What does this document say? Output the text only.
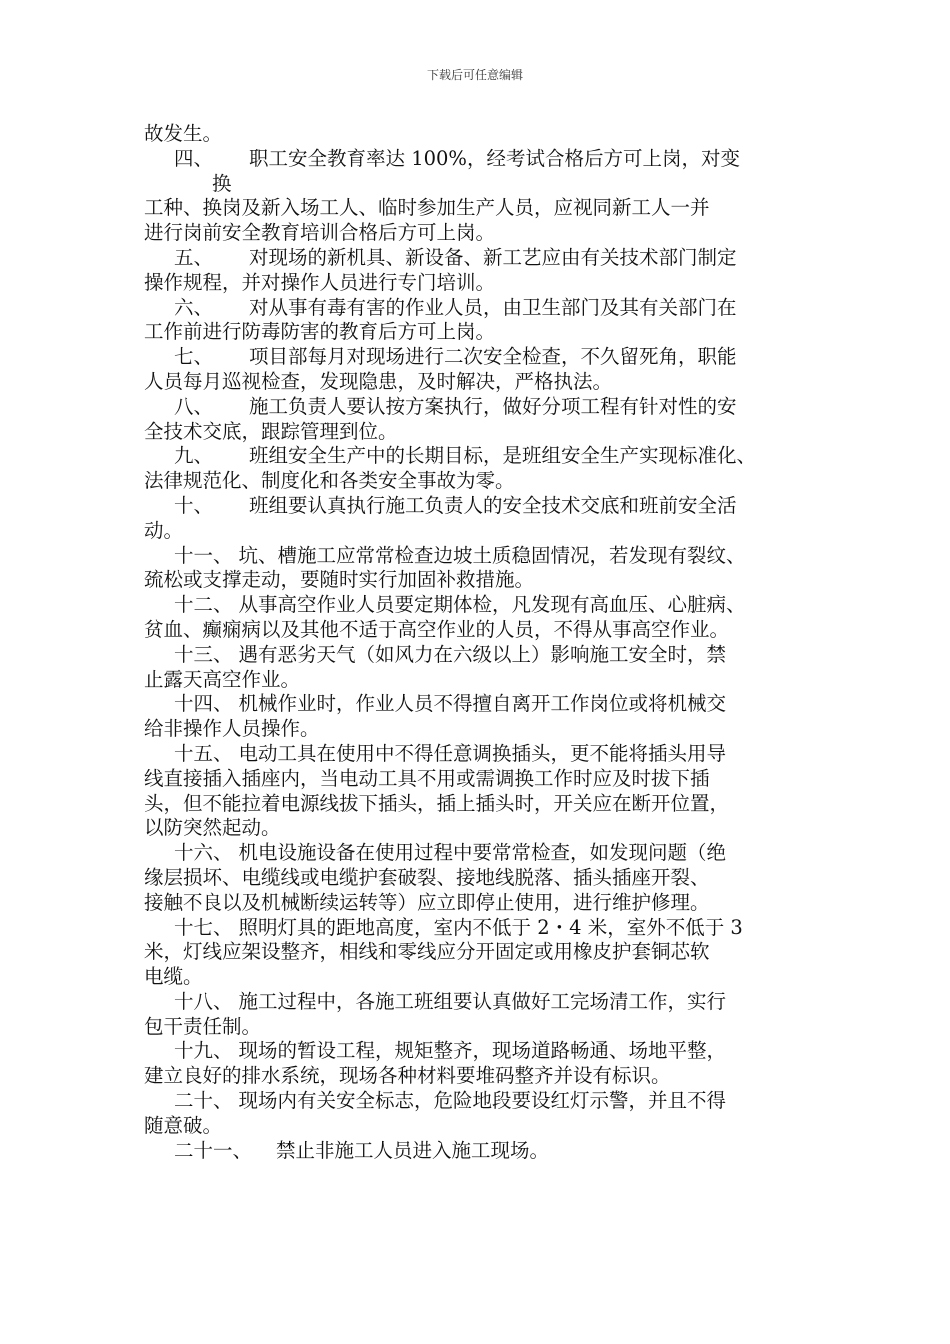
下载后可任意编辑
故发生。
四、 职工安全教育率达 100%，经考试合格后方可上岗，对变
换
工种、换岗及新入场工人、临时参加生产人员，应视同新工人一并
进行岗前安全教育培训合格后方可上岗。
五、 对现场的新机具、新设备、新工艺应由有关技术部门制定
操作规程，并对操作人员进行专门培训。
六、 对从事有毒有害的作业人员，由卫生部门及其有关部门在
工作前进行防毒防害的教育后方可上岗。
七、 项目部每月对现场进行二次安全检查，不久留死角，职能
人员每月巡视检查，发现隐患，及时解决，严格执法。
八、 施工负责人要认按方案执行，做好分项工程有针对性的安
全技术交底，跟踪管理到位。
九、 班组安全生产中的长期目标，是班组安全生产实现标准化、
法律规范化、制度化和各类安全事故为零。
十、 班组要认真执行施工负责人的安全技术交底和班前安全活
动。
十一、 坑、槽施工应常常检查边坡土质稳固情况，若发现有裂纹、
巯松或支撑走动，要随时实行加固补救措施。
十二、 从事高空作业人员要定期体检，凡发现有高血压、心脏病、
贫血、癫痫病以及其他不适于高空作业的人员，不得从事高空作业。
十三、 遇有恶劣天气（如风力在六级以上）影响施工安全时，禁
止露天高空作业。
十四、 机械作业时，作业人员不得擅自离开工作岗位或将机械交
给非操作人员操作。
十五、 电动工具在使用中不得任意调换插头，更不能将插头用导
线直接插入插座内，当电动工具不用或需调换工作时应及时拔下插
头，但不能拉着电源线拔下插头，插上插头时，开关应在断开位置，
以防突然起动。
十六、 机电设施设备在使用过程中要常常检查，如发现问题（绝
缘层损坏、电缆线或电缆护套破裂、接地线脱落、插头插座开裂、
接触不良以及机械断续运转等）应立即停止使用，进行维护修理。
十七、 照明灯具的距地高度，室内不低于 2・4 米，室外不低于 3
米，灯线应架设整齐，相线和零线应分开固定或用橡皮护套铜芯软
电缆。
十八、 施工过程中，各施工班组要认真做好工完场清工作，实行
包干责任制。
十九、 现场的暂设工程，规矩整齐，现场道路畅通、场地平整，
建立良好的排水系统，现场各种材料要堆码整齐并设有标识。
二十、 现场内有关安全标志，危险地段要设红灯示警，并且不得
随意破。
二十一、 禁止非施工人员进入施工现场。
